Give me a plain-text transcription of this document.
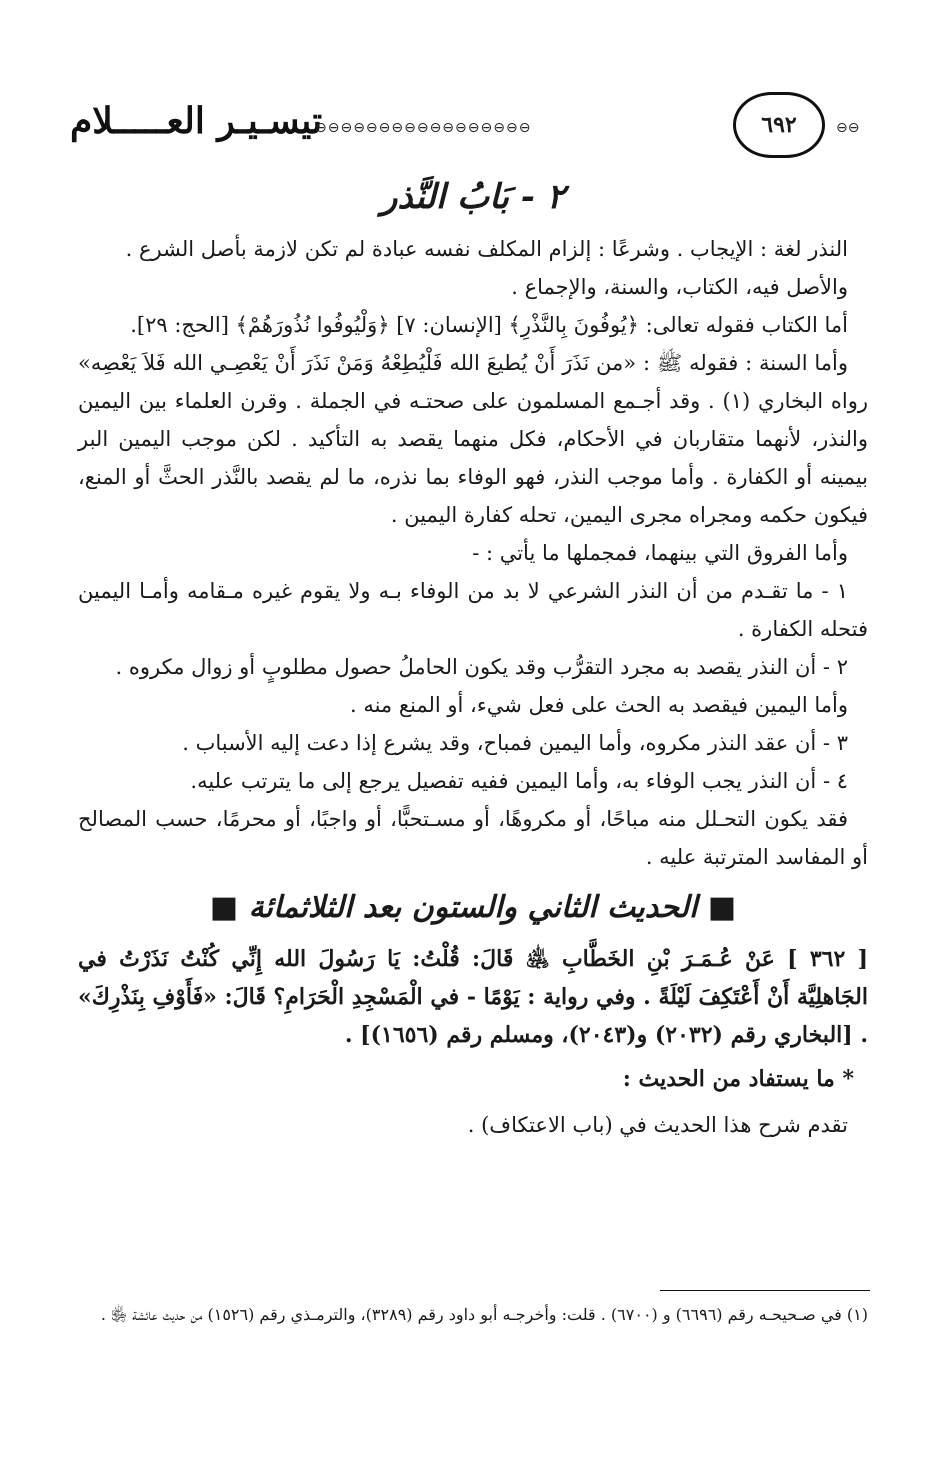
تيسـيـر العـــــلام
⊖⊖⊖⊖⊖⊖⊖⊖⊖⊖⊖⊖⊖⊖⊖⊖⊖	٦٩٢	⊖⊖
٢ - بَابُ النَّذر

النذر لغة : الإيجاب . وشرعًا : إلزام المكلف نفسه عبادة لم تكن لازمة بأصل الشرع .

والأصل فيه، الكتاب، والسنة، والإجماع .

أما الكتاب فقوله تعالى: ﴿يُوفُونَ بِالنَّذْرِ﴾ [الإنسان: ٧] ﴿وَلْيُوفُوا نُذُورَهُمْ﴾ [الحج: ٢٩].

وأما السنة : فقوله ﷺ : «من نَذَرَ أَنْ يُطيعَ الله فَلْيُطِعْهُ وَمَنْ نَذَرَ أَنْ يَعْصِـي الله فَلاَ يَعْصِه» رواه البخاري (١) . وقد أجـمع المسلمون على صحتـه في الجملة . وقرن العلماء بين اليمين والنذر، لأنهما متقاربان في الأحكام، فكل منهما يقصد به التأكيد . لكن موجب اليمين البر بيمينه أو الكفارة . وأما موجب النذر، فهو الوفاء بما نذره، ما لم يقصد بالنَّذر الحثَّ أو المنع، فيكون حكمه ومجراه مجرى اليمين، تحله كفارة اليمين .

وأما الفروق التي بينهما، فمجملها ما يأتي : -

١ - ما تقـدم من أن النذر الشرعي لا بد من الوفاء بـه ولا يقوم غيره مـقامه وأمـا اليمين فتحله الكفارة .

٢ - أن النذر يقصد به مجرد التقرُّب وقد يكون الحاملُ حصول مطلوبٍ أو زوال مكروه .

وأما اليمين فيقصد به الحث على فعل شيء، أو المنع منه .

٣ - أن عقد النذر مكروه، وأما اليمين فمباح، وقد يشرع إذا دعت إليه الأسباب .

٤ - أن النذر يجب الوفاء به، وأما اليمين ففيه تفصيل يرجع إلى ما يترتب عليه.

فقد يكون التحـلل منه مباحًا، أو مكروهًا، أو مسـتحبًّا، أو واجبًا، أو محرمًا، حسب المصالح أو المفاسد المترتبة عليه .

■ الحديث الثاني والستون بعد الثلاثمائة ■

[ ٣٦٢ ] عَنْ عُـمَـرَ بْنِ الخَطَّابِ ﵁ قَالَ: قُلْتُ: يَا رَسُولَ الله إِنِّي كُنْتُ نَذَرْتُ في الجَاهلِيَّة أَنْ أَعْتَكِفَ لَيْلَةً . وفي رواية : يَوْمًا - في الْمَسْجِدِ الْحَرَامِ؟ قَالَ: «فَأَوْفِ بِنَذْرِكَ» . [البخاري رقم (٢٠٣٢) و(٢٠٤٣)، ومسلم رقم (١٦٥٦)] .

* ما يستفاد من الحديث :

تقدم شرح هذا الحديث في (باب الاعتكاف) .

(١) في صـحيحـه رقم (٦٦٩٦) و (٦٧٠٠) . قلت: وأخرجـه أبو داود رقم (٣٢٨٩)، والترمـذي رقم (١٥٢٦) من حديث عائشة ﵂ .
